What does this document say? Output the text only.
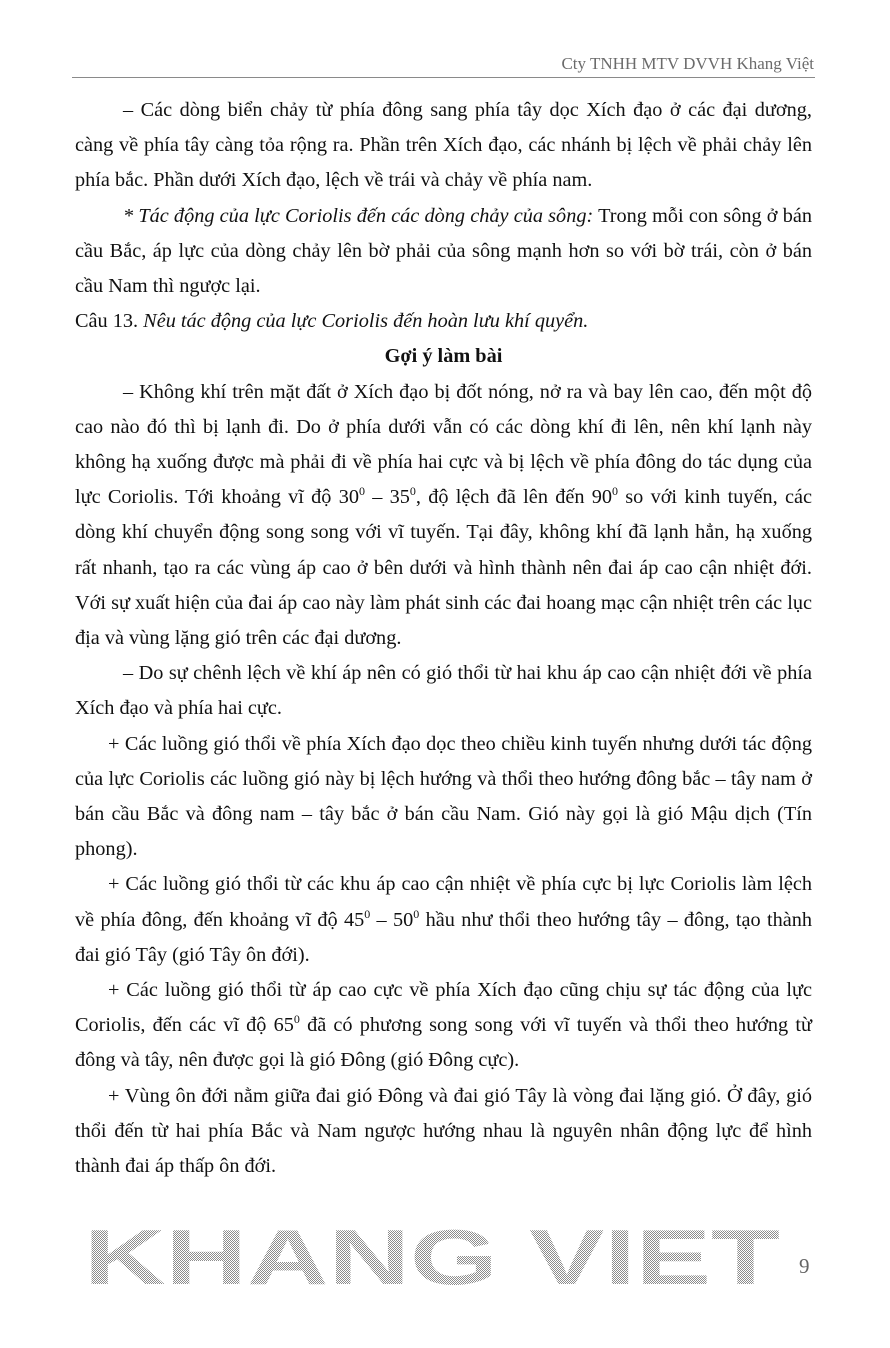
Cty TNHH MTV DVVH Khang Việt

– Các dòng biển chảy từ phía đông sang phía tây dọc Xích đạo ở các đại dương, càng về phía tây càng tỏa rộng ra. Phần trên Xích đạo, các nhánh bị lệch về phải chảy lên phía bắc. Phần dưới Xích đạo, lệch về trái và chảy về phía nam.

* Tác động của lực Coriolis đến các dòng chảy của sông: Trong mỗi con sông ở bán cầu Bắc, áp lực của dòng chảy lên bờ phải của sông mạnh hơn so với bờ trái, còn ở bán cầu Nam thì ngược lại.

Câu 13. Nêu tác động của lực Coriolis đến hoàn lưu khí quyển.

Gợi ý làm bài

– Không khí trên mặt đất ở Xích đạo bị đốt nóng, nở ra và bay lên cao, đến một độ cao nào đó thì bị lạnh đi. Do ở phía dưới vẫn có các dòng khí đi lên, nên khí lạnh này không hạ xuống được mà phải đi về phía hai cực và bị lệch về phía đông do tác dụng của lực Coriolis. Tới khoảng vĩ độ $30^0 - 35^0$, độ lệch đã lên đến $90^0$ so với kinh tuyến, các dòng khí chuyển động song song với vĩ tuyến. Tại đây, không khí đã lạnh hẳn, hạ xuống rất nhanh, tạo ra các vùng áp cao ở bên dưới và hình thành nên đai áp cao cận nhiệt đới. Với sự xuất hiện của đai áp cao này làm phát sinh các đai hoang mạc cận nhiệt trên các lục địa và vùng lặng gió trên các đại dương.

– Do sự chênh lệch về khí áp nên có gió thổi từ hai khu áp cao cận nhiệt đới về phía Xích đạo và phía hai cực.

+ Các luồng gió thổi về phía Xích đạo dọc theo chiều kinh tuyến nhưng dưới tác động của lực Coriolis các luồng gió này bị lệch hướng và thổi theo hướng đông bắc – tây nam ở bán cầu Bắc và đông nam – tây bắc ở bán cầu Nam. Gió này gọi là gió Mậu dịch (Tín phong).

+ Các luồng gió thổi từ các khu áp cao cận nhiệt về phía cực bị lực Coriolis làm lệch về phía đông, đến khoảng vĩ độ $45^0 - 50^0$ hầu như thổi theo hướng tây – đông, tạo thành đai gió Tây (gió Tây ôn đới).

+ Các luồng gió thổi từ áp cao cực về phía Xích đạo cũng chịu sự tác động của lực Coriolis, đến các vĩ độ $65^0$ đã có phương song song với vĩ tuyến và thổi theo hướng từ đông và tây, nên được gọi là gió Đông (gió Đông cực).

+ Vùng ôn đới nằm giữa đai gió Đông và đai gió Tây là vòng đai lặng gió. Ở đây, gió thổi đến từ hai phía Bắc và Nam ngược hướng nhau là nguyên nhân động lực để hình thành đai áp thấp ôn đới.

KHANG VIET 9
